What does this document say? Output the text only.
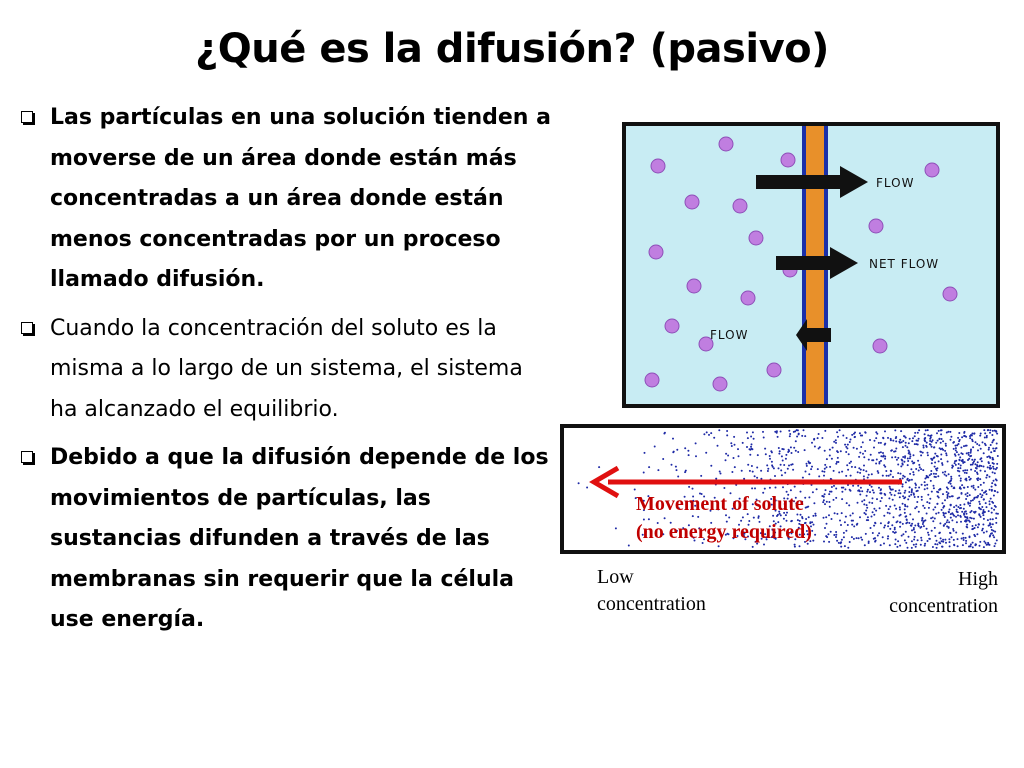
¿Qué es la difusión? (pasivo)
Las partículas en una solución tienden a moverse de un área donde están más concentradas a un área donde están menos concentradas por un proceso llamado difusión.
Cuando la concentración del soluto es la misma a lo largo de un sistema, el sistema ha alcanzado el equilibrio.
Debido a que la difusión depende de los movimientos de partículas, las sustancias difunden a través de las membranas sin requerir que la célula use energía.
FLOW
NET FLOW
FLOW
Movement of solute
(no energy required)
Low
concentration
High
concentration
